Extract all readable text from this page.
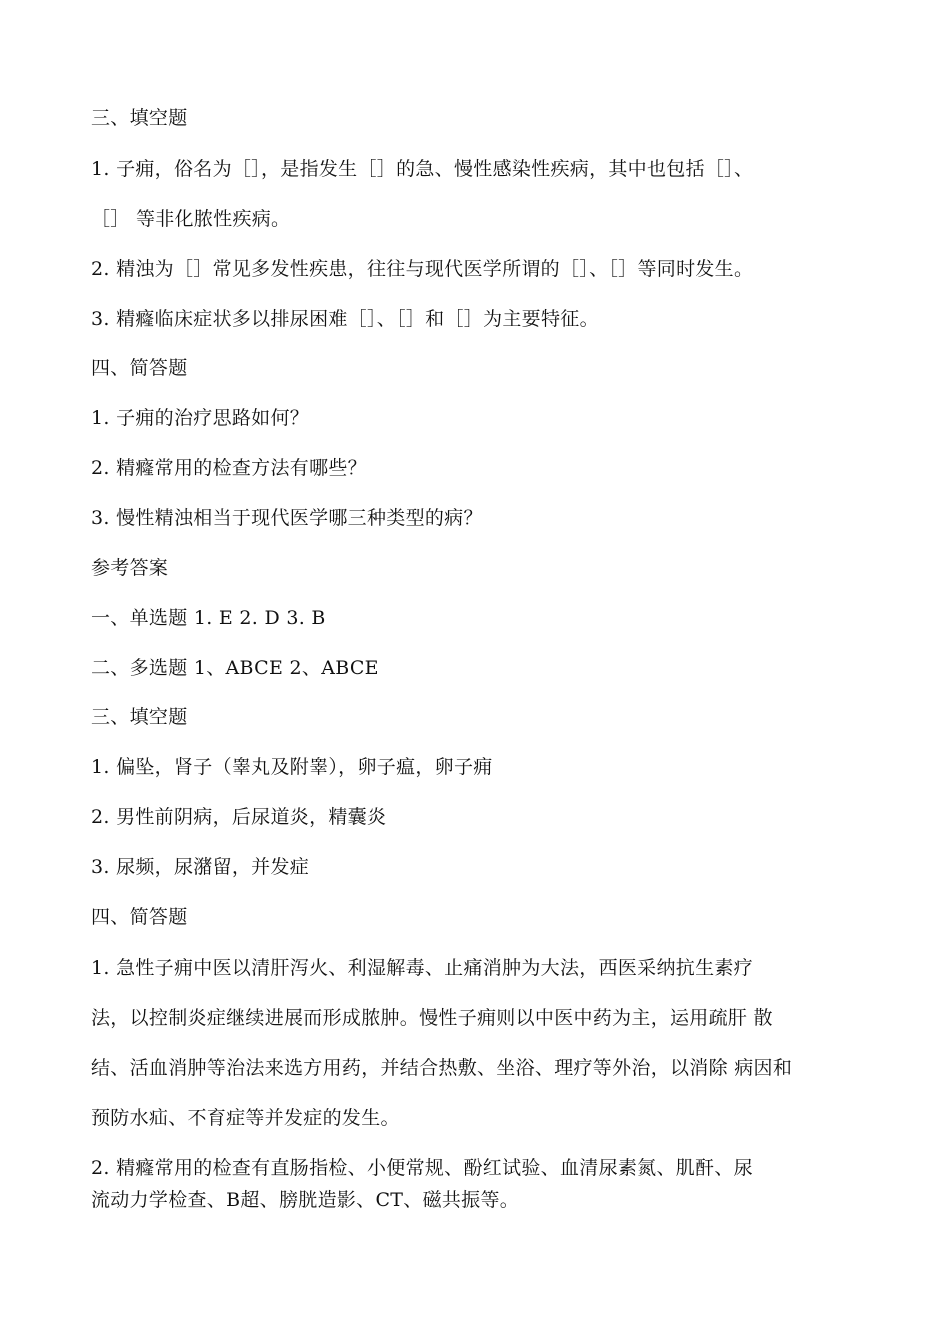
三、填空题
1. 子痈，俗名为［］，是指发生［］的急、慢性感染性疾病，其中也包括［］、
［］ 等非化脓性疾病。
2. 精浊为［］常见多发性疾患，往往与现代医学所谓的［］、［］等同时发生。
3. 精癃临床症状多以排尿困难［］、［］和［］为主要特征。
四、简答题
1. 子痈的治疗思路如何？
2. 精癃常用的检查方法有哪些？
3. 慢性精浊相当于现代医学哪三种类型的病？
参考答案
一、单选题 1. E 2. D 3. B
二、多选题 1、ABCE 2、ABCE
三、填空题
1. 偏坠，肾子（睾丸及附睾），卵子瘟，卵子痈
2. 男性前阴病，后尿道炎，精囊炎
3. 尿频，尿潴留，并发症
四、简答题
1. 急性子痈中医以清肝泻火、利湿解毒、止痛消肿为大法，西医采纳抗生素疗
法，以控制炎症继续进展而形成脓肿。慢性子痈则以中医中药为主，运用疏肝 散
结、活血消肿等治法来选方用药，并结合热敷、坐浴、理疗等外治，以消除 病因和
预防水疝、不育症等并发症的发生。
2. 精癃常用的检查有直肠指检、小便常规、酚红试验、血清尿素氮、肌酐、尿
流动力学检查、B超、膀胱造影、CT、磁共振等。
